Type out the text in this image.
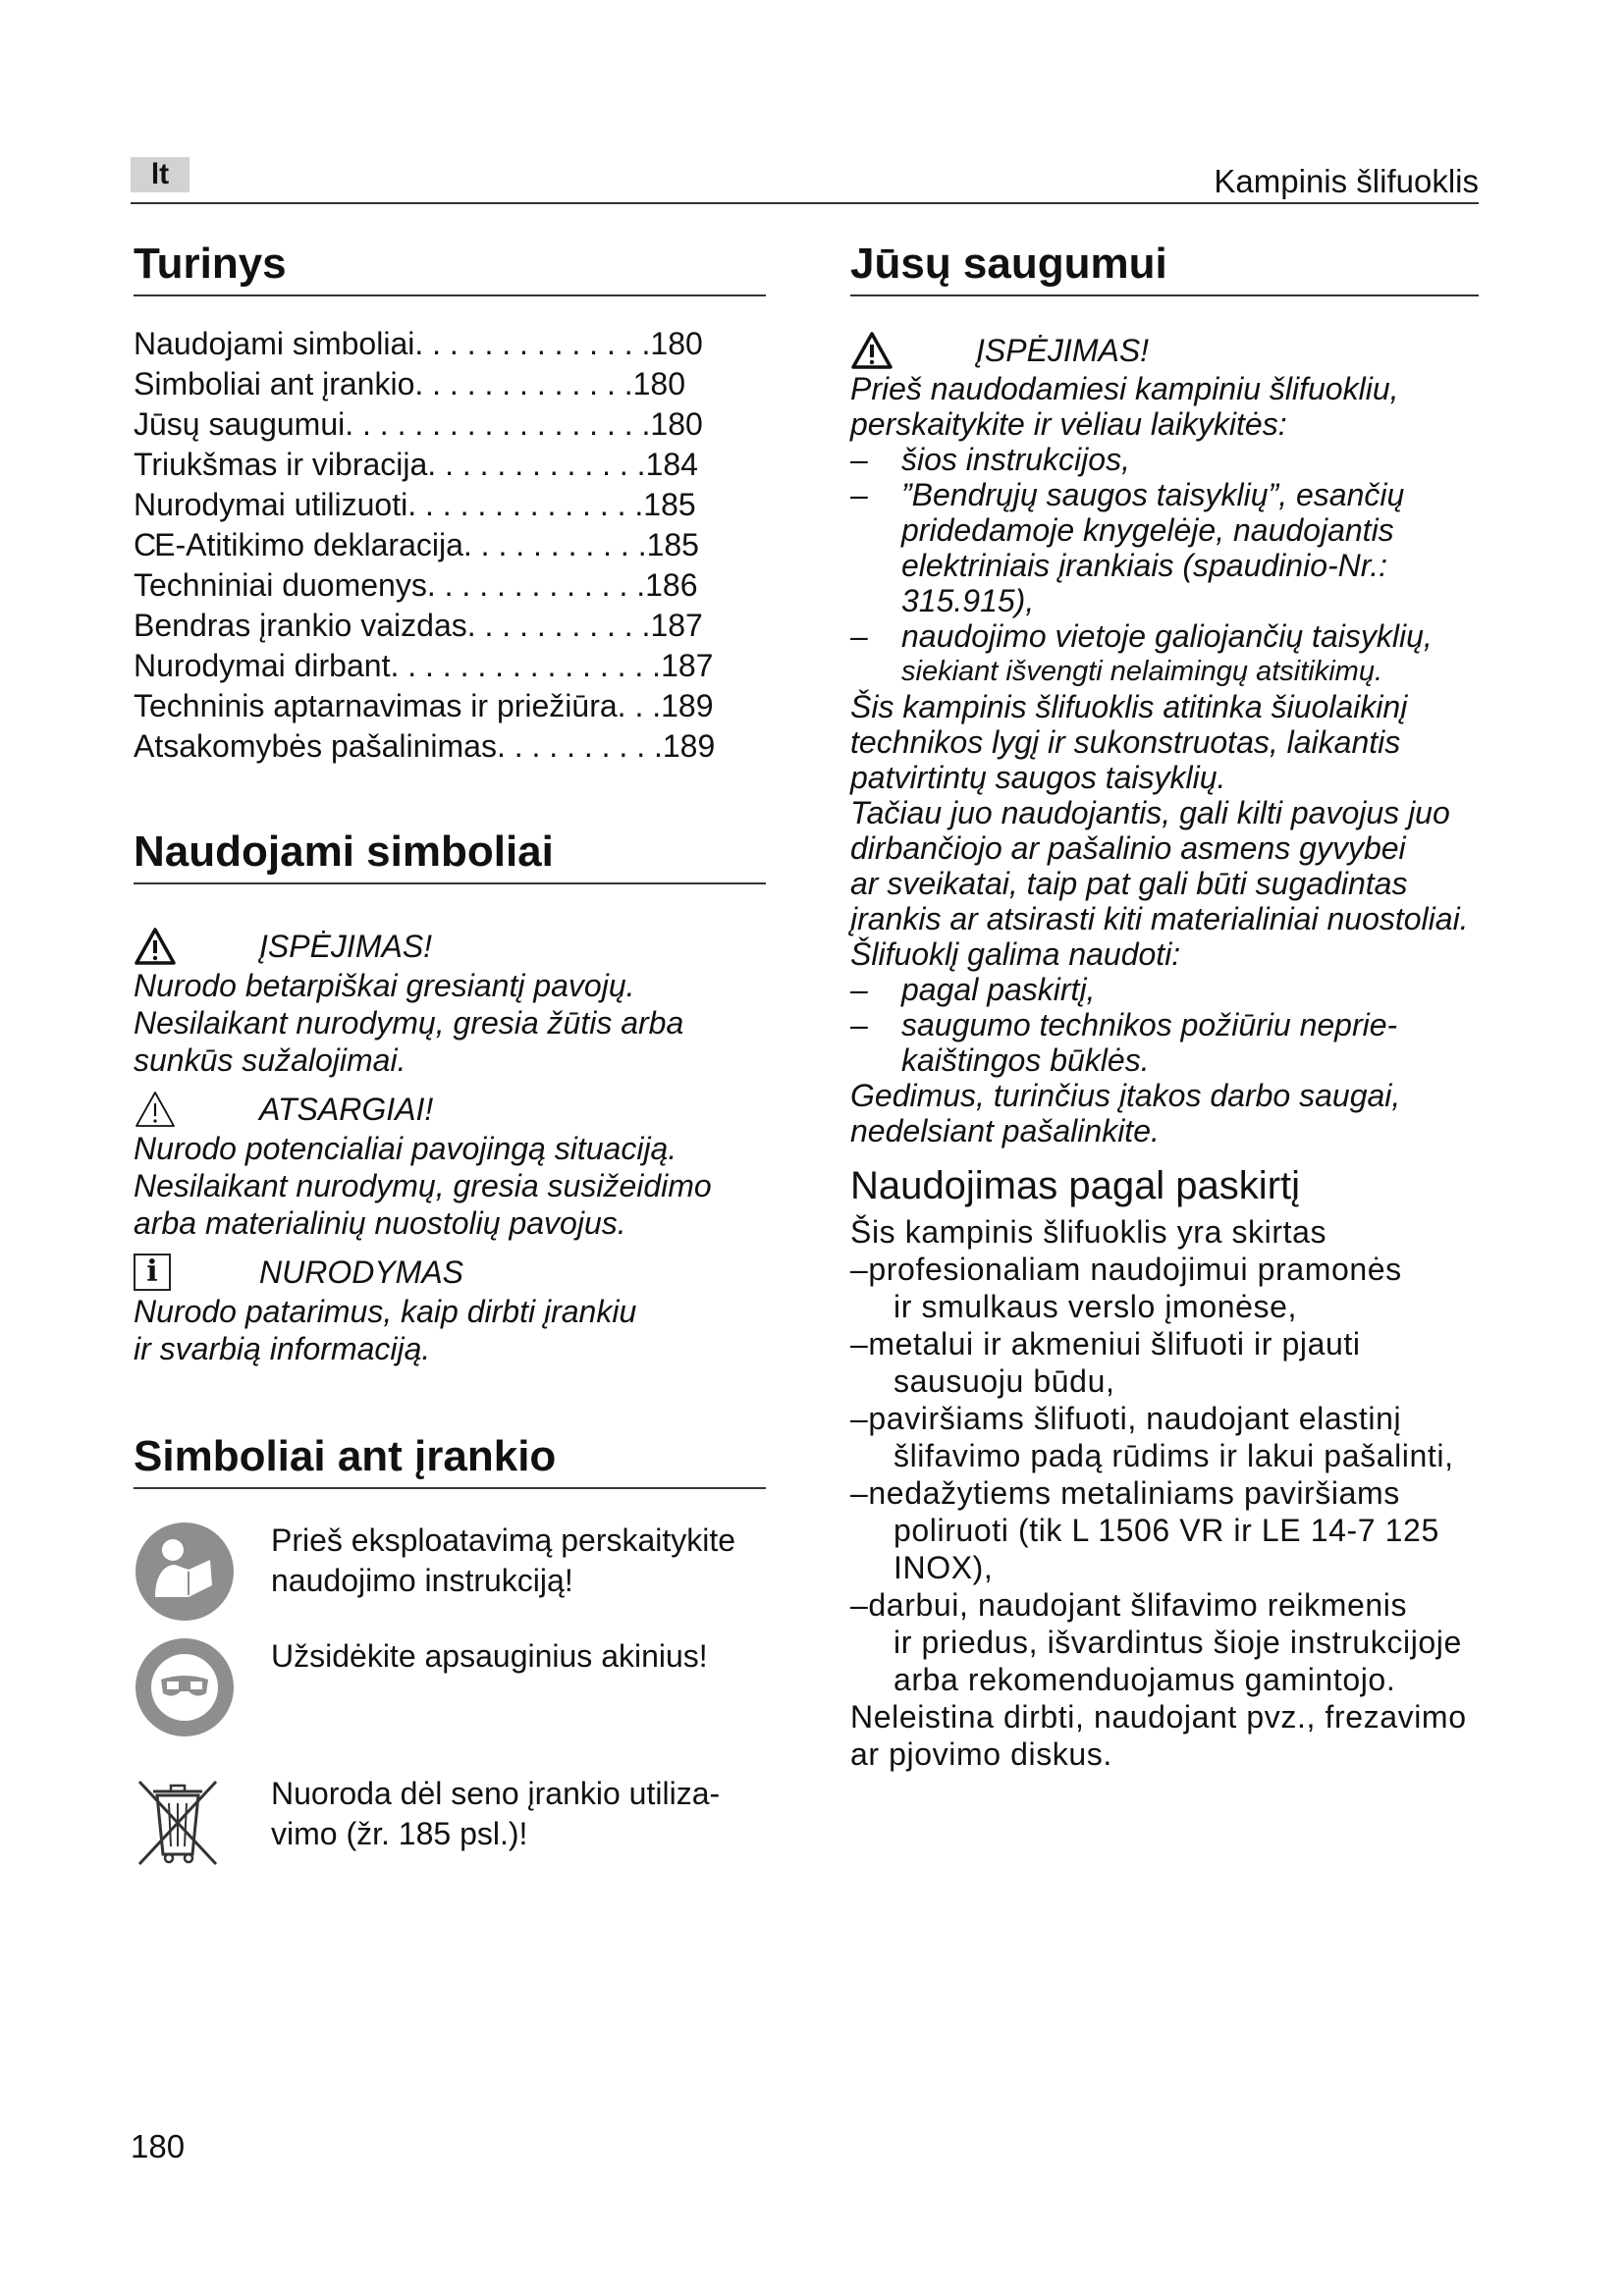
lt	Kampinis šlifuoklis
Turinys
Naudojami simboliai . . . . . . . . . . . . . . 180
Simboliai ant įrankio . . . . . . . . . . . . . 180
Jūsų saugumui . . . . . . . . . . . . . . . . . . 180
Triukšmas ir vibracija . . . . . . . . . . . . . 184
Nurodymai utilizuoti . . . . . . . . . . . . . . 185
CE -Atitikimo deklaracija . . . . . . . . . . . 185
Techniniai duomenys . . . . . . . . . . . . . 186
Bendras įrankio vaizdas . . . . . . . . . . . 187
Nurodymai dirbant . . . . . . . . . . . . . . . . 187
Techninis aptarnavimas ir priežiūra . . . 189
Atsakomybės pašalinimas . . . . . . . . . . 189
Naudojami simboliai
ĮSPĖJIMAS!
Nurodo betarpiškai gresiantį pavojų.
Nesilaikant nurodymų, gresia žūtis arba
sunkūs sužalojimai.
ATSARGIAI!
Nurodo potencialiai pavojingą situaciją.
Nesilaikant nurodymų, gresia susižeidimo
arba materialinių nuostolių pavojus.
i	NURODYMAS
Nurodo patarimus, kaip dirbti įrankiu
ir svarbią informaciją.
Simboliai ant įrankio
Prieš eksploatavimą perskaitykite
naudojimo instrukciją!
Užsidėkite apsauginius akinius!
Nuoroda dėl seno įrankio utiliza-
vimo (žr. 185 psl.)!
Jūsų saugumui
ĮSPĖJIMAS!
Prieš naudodamiesi kampiniu šlifuokliu,
perskaitykite ir vėliau laikykitės:
–	šios instrukcijos,
–	”Bendrųjų saugos taisyklių”, esančių
pridedamoje knygelėje, naudojantis
elektriniais įrankiais (spaudinio-Nr.:
315.915),
–	naudojimo vietoje galiojančių taisyklių,
siekiant išvengti nelaimingų atsitikimų.
Šis kampinis šlifuoklis atitinka šiuolaikinį
technikos lygį ir sukonstruotas, laikantis
patvirtintų saugos taisyklių.
Tačiau juo naudojantis, gali kilti pavojus juo
dirbančiojo ar pašalinio asmens gyvybei
ar sveikatai, taip pat gali būti sugadintas
įrankis ar atsirasti kiti materialiniai nuostoliai.
Šlifuoklį galima naudoti:
–	pagal paskirtį,
–	saugumo technikos požiūriu neprie-
kaištingos būklės.
Gedimus, turinčius įtakos darbo saugai,
nedelsiant pašalinkite.
Naudojimas pagal paskirtį
Šis kampinis šlifuoklis yra skirtas
– profesionaliam naudojimui pramonės
ir smulkaus verslo įmonėse,
– metalui ir akmeniui šlifuoti ir pjauti
sausuoju būdu,
– paviršiams šlifuoti, naudojant elastinį
šlifavimo padą rūdims ir lakui pašalinti,
– nedažytiems metaliniams paviršiams
poliruoti (tik L 1506 VR ir LE 14-7 125
INOX),
– darbui, naudojant šlifavimo reikmenis
ir priedus, išvardintus šioje instrukcijoje
arba rekomenduojamus gamintojo.
Neleistina dirbti, naudojant pvz., frezavimo
ar pjovimo diskus.
180
